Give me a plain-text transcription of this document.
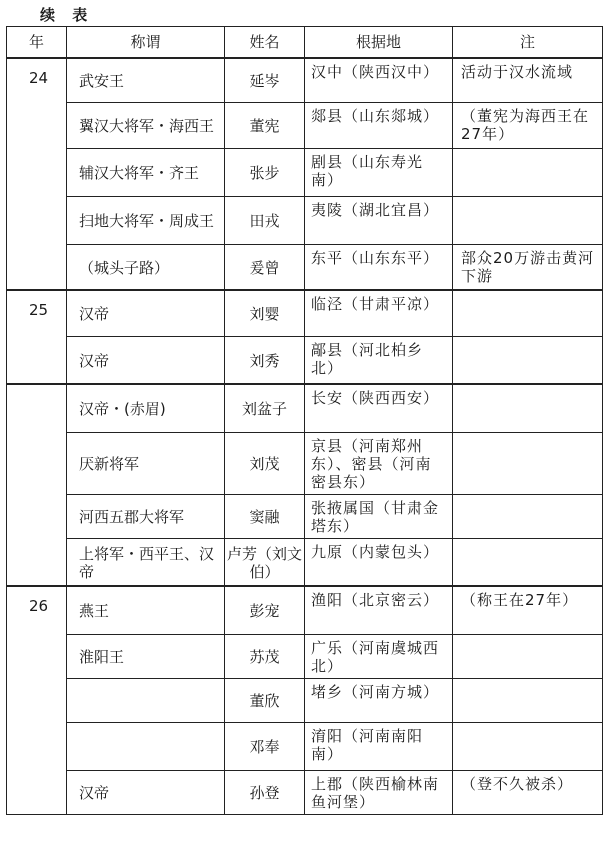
续 表
年	称谓	姓名	根据地	注
24	武安王	延岑	汉中（陕西汉中）	活动于汉水流域
	翼汉大将军・海西王	董宪	郯县（山东郯城）	（董宪为海西王在27年）
	辅汉大将军・齐王	张步	剧县（山东寿光南）	
	扫地大将军・周成王	田戎	夷陵（湖北宜昌）	
	（城头子路）	爰曾	东平（山东东平）	部众20万游击黄河下游
25	汉帝	刘婴	临泾（甘肃平凉）	
	汉帝	刘秀	鄗县（河北柏乡北）	
	汉帝・(赤眉)	刘盆子	长安（陕西西安）	
	厌新将军	刘茂	京县（河南郑州东）、密县（河南密县东）	
	河西五郡大将军	窦融	张掖属国（甘肃金塔东）	
	上将军・西平王、汉帝	卢芳（刘文伯）	九原（内蒙包头）	
26	燕王	彭宠	渔阳（北京密云）	（称王在27年）
	淮阳王	苏茂	广乐（河南虞城西北）	
		董欣	堵乡（河南方城）	
		邓奉	淯阳（河南南阳南）	
	汉帝	孙登	上郡（陕西榆林南鱼河堡）	（登不久被杀）
